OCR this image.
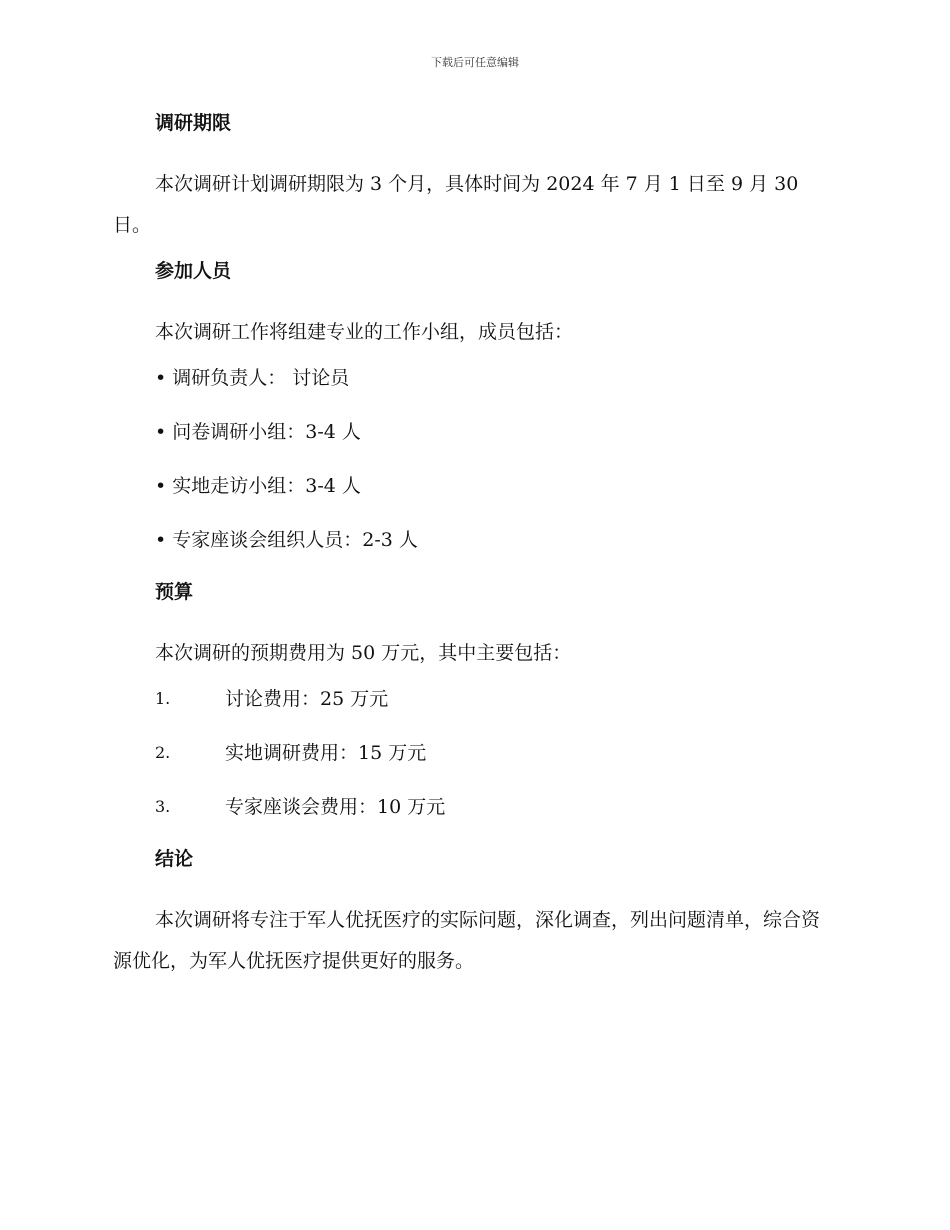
下载后可任意编辑
调研期限
本次调研计划调研期限为 3 个月，具体时间为 2024 年 7 月 1 日至 9 月 30 日。
参加人员
本次调研工作将组建专业的工作小组，成员包括：
• 调研负责人： 讨论员
• 问卷调研小组：3-4 人
• 实地走访小组：3-4 人
• 专家座谈会组织人员：2-3 人
预算
本次调研的预期费用为 50 万元，其中主要包括：
1.	讨论费用：25 万元
2.	实地调研费用：15 万元
3.	专家座谈会费用：10 万元
结论
本次调研将专注于军人优抚医疗的实际问题，深化调查，列出问题清单，综合资源优化，为军人优抚医疗提供更好的服务。
